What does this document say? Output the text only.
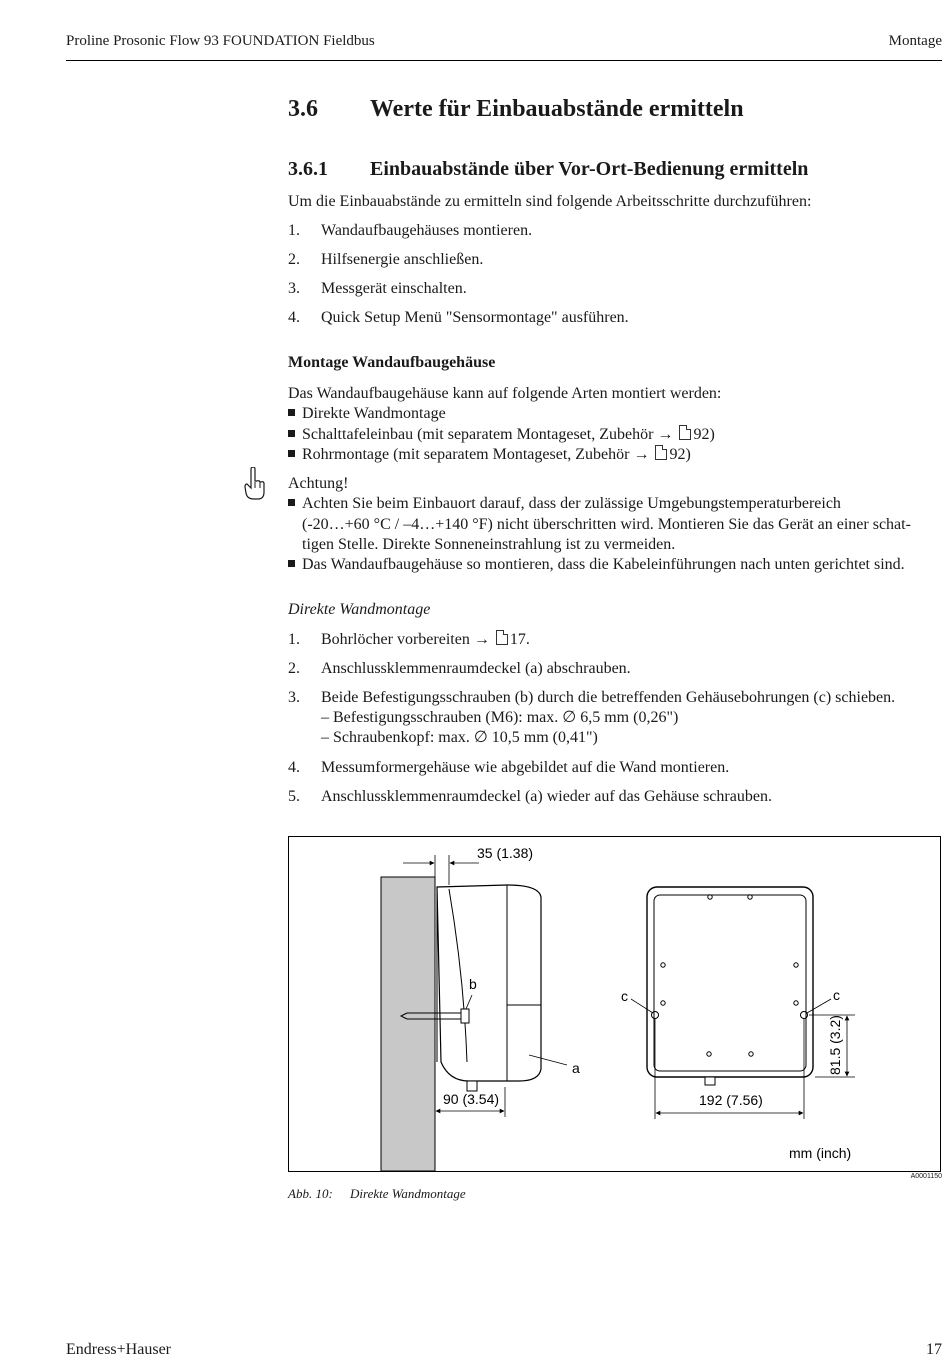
Proline Prosonic Flow 93 FOUNDATION Fieldbus	Montage
3.6 Werte für Einbauabstände ermitteln
3.6.1 Einbauabstände über Vor-Ort-Bedienung ermitteln
Um die Einbauabstände zu ermitteln sind folgende Arbeitsschritte durchzuführen:
1. Wandaufbaugehäuses montieren.
2. Hilfsenergie anschließen.
3. Messgerät einschalten.
4. Quick Setup Menü "Sensormontage" ausführen.
Montage Wandaufbaugehäuse
Das Wandaufbaugehäuse kann auf folgende Arten montiert werden:
Direkte Wandmontage
Schalttafeleinbau (mit separatem Montageset, Zubehör → 92)
Rohrmontage (mit separatem Montageset, Zubehör → 92)
Achtung!
Achten Sie beim Einbauort darauf, dass der zulässige Umgebungstemperaturbereich
(-20…+60 °C / –4…+140 °F) nicht überschritten wird. Montieren Sie das Gerät an einer schat-
tigen Stelle. Direkte Sonneneinstrahlung ist zu vermeiden.
Das Wandaufbaugehäuse so montieren, dass die Kabeleinführungen nach unten gerichtet sind.
Direkte Wandmontage
1. Bohrlöcher vorbereiten → 17.
2. Anschlussklemmenraumdeckel (a) abschrauben.
3. Beide Befestigungsschrauben (b) durch die betreffenden Gehäusebohrungen (c) schieben.
– Befestigungsschrauben (M6): max. ∅ 6,5 mm (0,26")
– Schraubenkopf: max. ∅ 10,5 mm (0,41")
4. Messumformergehäuse wie abgebildet auf die Wand montieren.
5. Anschlussklemmenraumdeckel (a) wieder auf das Gehäuse schrauben.
35 (1.38)
90 (3.54)
b
a
c	c
192 (7.56)
81.5 (3.2)
mm (inch)
A0001150
Abb. 10: Direkte Wandmontage
Endress+Hauser	17
